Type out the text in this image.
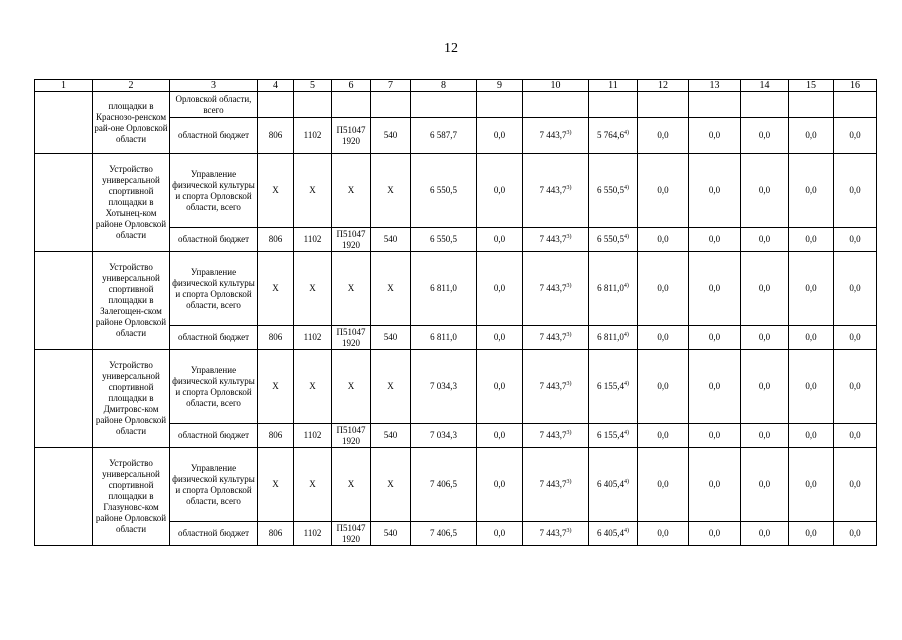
12
1	2	3	4	5	6	7	8	9	10	11	12	13	14	15	16
	площадки в Краснозо-ренском рай-оне Орловской области	Орловской области, всего													
		областной бюджет	806	1102	П51047 1920	540	6 587,7	0,0	7 443,7$^{3)}$	5 764,6$^{4)}$	0,0	0,0	0,0	0,0	0,0
	Устройство универсальной спортивной площадки в Хотынец-ком районе Орловской области	Управление физической культуры и спорта Орловской области, всего	X	X	X	X	6 550,5	0,0	7 443,7$^{3)}$	6 550,5$^{4)}$	0,0	0,0	0,0	0,0	0,0
		областной бюджет	806	1102	П51047 1920	540	6 550,5	0,0	7 443,7$^{3)}$	6 550,5$^{4)}$	0,0	0,0	0,0	0,0	0,0
	Устройство универсальной спортивной площадки в Залегощен-ском районе Орловской области	Управление физической культуры и спорта Орловской области, всего	X	X	X	X	6 811,0	0,0	7 443,7$^{3)}$	6 811,0$^{4)}$	0,0	0,0	0,0	0,0	0,0
		областной бюджет	806	1102	П51047 1920	540	6 811,0	0,0	7 443,7$^{3)}$	6 811,0$^{4)}$	0,0	0,0	0,0	0,0	0,0
	Устройство универсальной спортивной площадки в Дмитровс-ком районе Орловской области	Управление физической культуры и спорта Орловской области, всего	X	X	X	X	7 034,3	0,0	7 443,7$^{3)}$	6 155,4$^{4)}$	0,0	0,0	0,0	0,0	0,0
		областной бюджет	806	1102	П51047 1920	540	7 034,3	0,0	7 443,7$^{3)}$	6 155,4$^{4)}$	0,0	0,0	0,0	0,0	0,0
	Устройство универсальной спортивной площадки в Глазуновс-ком районе Орловской области	Управление физической культуры и спорта Орловской области, всего	X	X	X	X	7 406,5	0,0	7 443,7$^{3)}$	6 405,4$^{4)}$	0,0	0,0	0,0	0,0	0,0
		областной бюджет	806	1102	П51047 1920	540	7 406,5	0,0	7 443,7$^{3)}$	6 405,4$^{4)}$	0,0	0,0	0,0	0,0	0,0
